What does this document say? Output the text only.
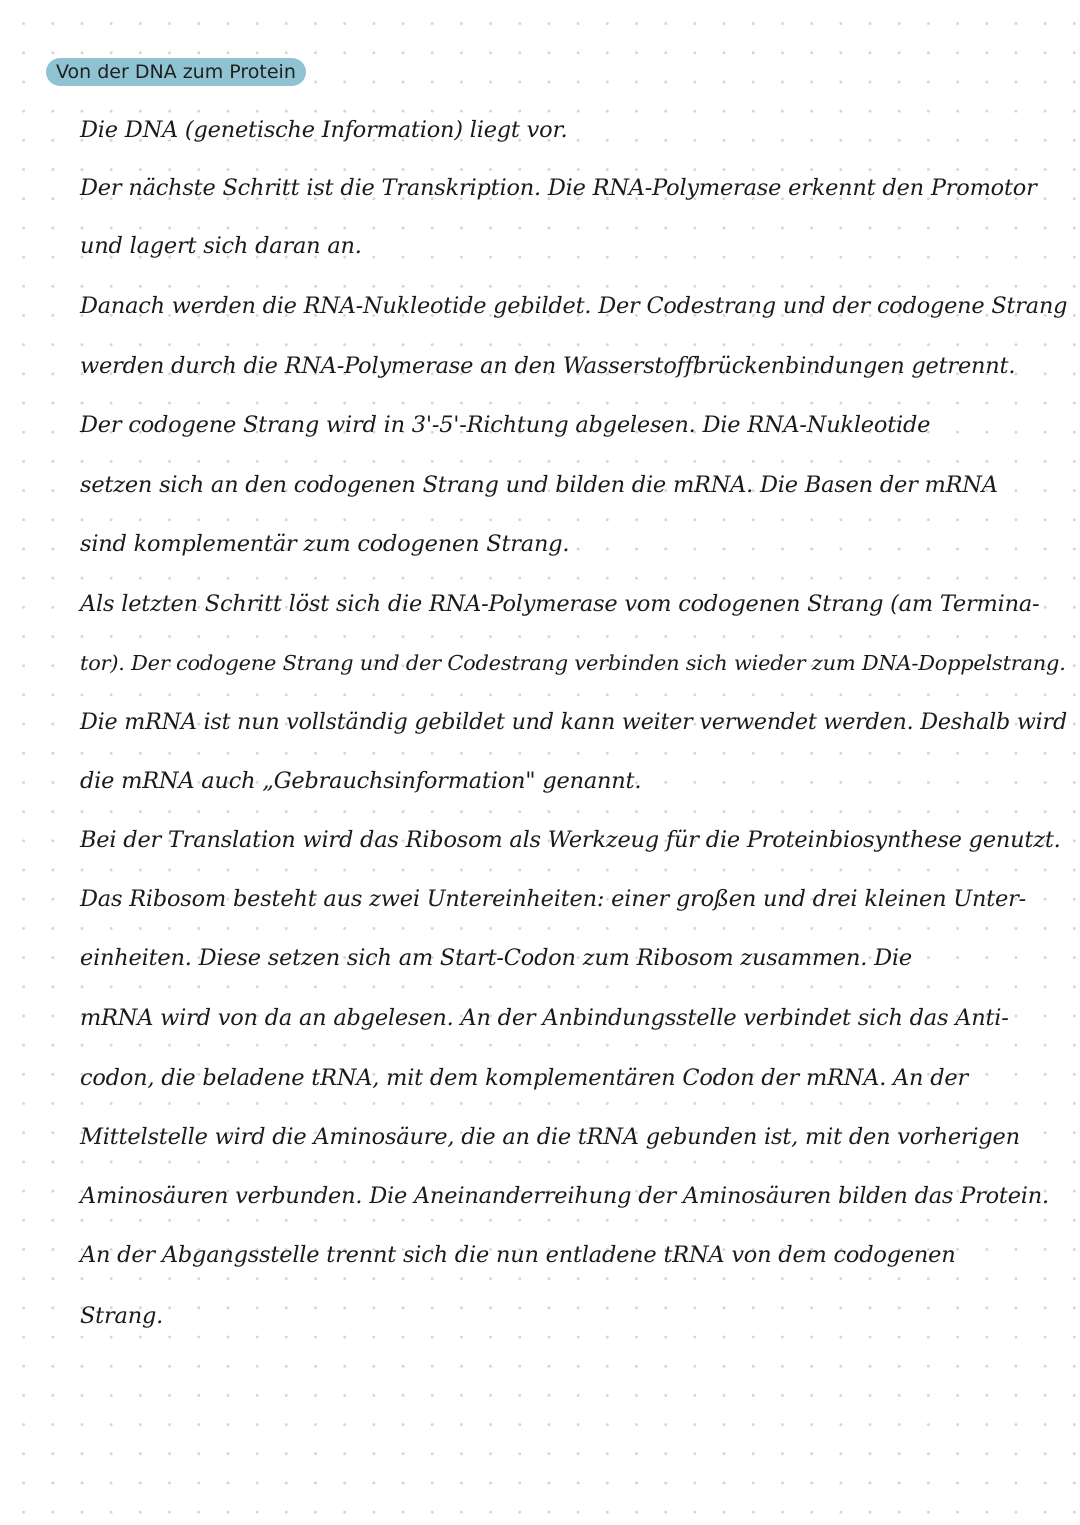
Von der DNA zum Protein
Die DNA (genetische Information) liegt vor.
Der nächste Schritt ist die Transkription. Die RNA-Polymerase erkennt den Promotor
und lagert sich daran an.
Danach werden die RNA-Nukleotide gebildet. Der Codestrang und der codogene Strang
werden durch die RNA-Polymerase an den Wasserstoffbrückenbindungen getrennt.
Der codogene Strang wird in 3'-5'-Richtung abgelesen. Die RNA-Nukleotide
setzen sich an den codogenen Strang und bilden die mRNA. Die Basen der mRNA
sind komplementär zum codogenen Strang.
Als letzten Schritt löst sich die RNA-Polymerase vom codogenen Strang (am Termina-
tor). Der codogene Strang und der Codestrang verbinden sich wieder zum DNA-Doppelstrang.
Die mRNA ist nun vollständig gebildet und kann weiter verwendet werden. Deshalb wird
die mRNA auch „Gebrauchsinformation" genannt.
Bei der Translation wird das Ribosom als Werkzeug für die Proteinbiosynthese genutzt.
Das Ribosom besteht aus zwei Untereinheiten: einer großen und drei kleinen Unter-
einheiten. Diese setzen sich am Start-Codon zum Ribosom zusammen. Die
mRNA wird von da an abgelesen. An der Anbindungsstelle verbindet sich das Anti-
codon, die beladene tRNA, mit dem komplementären Codon der mRNA. An der
Mittelstelle wird die Aminosäure, die an die tRNA gebunden ist, mit den vorherigen
Aminosäuren verbunden. Die Aneinanderreihung der Aminosäuren bilden das Protein.
An der Abgangsstelle trennt sich die nun entladene tRNA von dem codogenen
Strang.
